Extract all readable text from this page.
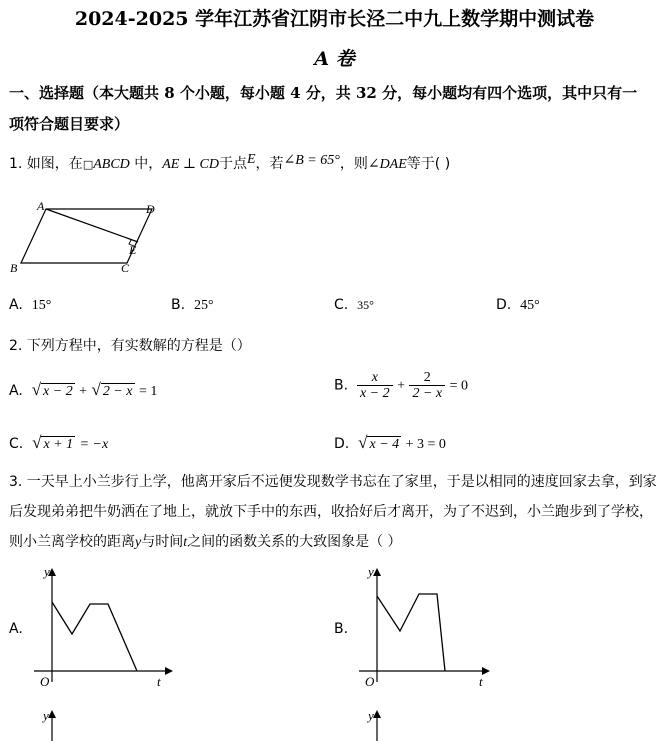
2024-2025 学年江苏省江阴市长泾二中九上数学期中测试卷
A 卷
一、选择题（本大题共 8 个小题，每小题 4 分，共 32 分，每小题均有四个选项，其中只有一
项符合题目要求）
1. 如图，在□ABCD 中，AE ⊥ CD于点E，若∠B = 65°，则∠DAE等于( )
A	D
B	C
E
A. 15°	B. 25°	C. 35°	D. 45°
2. 下列方程中，有实数解的方程是（）
A. √ x − 2 + √ 2 − x = 1	B. $\frac{x}{x - 2} + \frac{2}{2 - x} = 0$
C. √ x + 1 = −x	D. √ x − 4 + 3 = 0
3. 一天早上小兰步行上学，他离开家后不远便发现数学书忘在了家里，于是以相同的速度回家去拿，到家
后发现弟弟把牛奶洒在了地上，就放下手中的东西，收拾好后才离开，为了不迟到，小兰跑步到了学校，
则小兰离学校的距离y与时间t之间的函数关系的大致图象是（ ）
A.
y
t
O
B.
y
t
O
y	y
